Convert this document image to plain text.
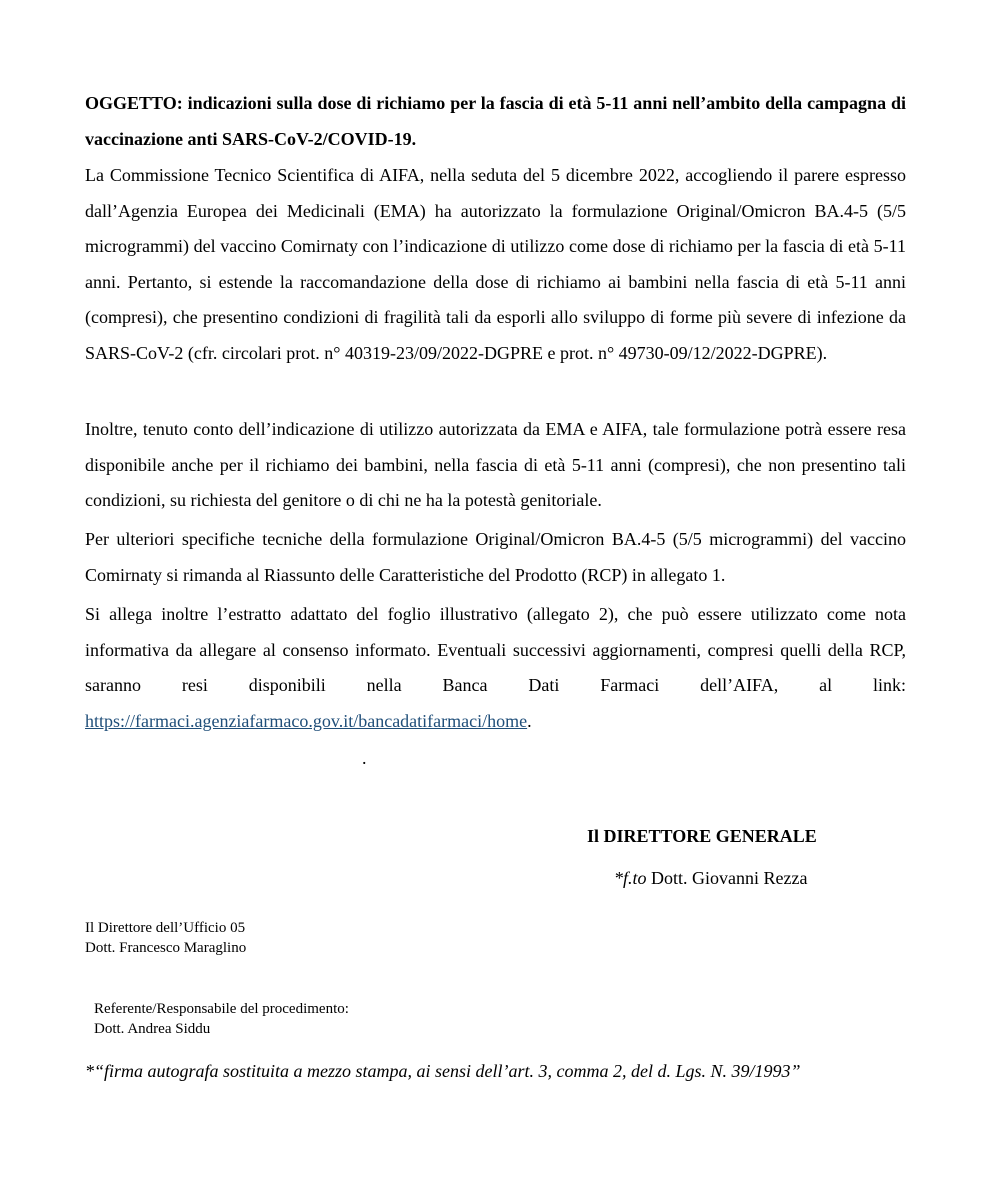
OGGETTO: indicazioni sulla dose di richiamo per la fascia di età 5-11 anni nell’ambito della campagna di vaccinazione anti SARS-CoV-2/COVID-19.

La Commissione Tecnico Scientifica di AIFA, nella seduta del 5 dicembre 2022, accogliendo il parere espresso dall’Agenzia Europea dei Medicinali (EMA) ha autorizzato la formulazione Original/Omicron BA.4-5 (5/5 microgrammi) del vaccino Comirnaty con l’indicazione di utilizzo come dose di richiamo per la fascia di età 5-11 anni. Pertanto, si estende la raccomandazione della dose di richiamo ai bambini nella fascia di età 5-11 anni (compresi), che presentino condizioni di fragilità tali da esporli allo sviluppo di forme più severe di infezione da SARS-CoV-2 (cfr. circolari prot. n° 40319-23/09/2022-DGPRE e prot. n° 49730-09/12/2022-DGPRE).

Inoltre, tenuto conto dell’indicazione di utilizzo autorizzata da EMA e AIFA, tale formulazione potrà essere resa disponibile anche per il richiamo dei bambini, nella fascia di età 5-11 anni (compresi), che non presentino tali condizioni, su richiesta del genitore o di chi ne ha la potestà genitoriale.

Per ulteriori specifiche tecniche della formulazione Original/Omicron BA.4-5 (5/5 microgrammi) del vaccino Comirnaty si rimanda al Riassunto delle Caratteristiche del Prodotto (RCP) in allegato 1.

Si allega inoltre l’estratto adattato del foglio illustrativo (allegato 2), che può essere utilizzato come nota informativa da allegare al consenso informato. Eventuali successivi aggiornamenti, compresi quelli della RCP, saranno resi disponibili nella Banca Dati Farmaci dell’AIFA, al link: https://farmaci.agenziafarmaco.gov.it/bancadatifarmaci/home.

.
Il DIRETTORE GENERALE
*f.to Dott. Giovanni Rezza
Il Direttore dell’Ufficio 05
Dott. Francesco Maraglino
Referente/Responsabile del procedimento:
Dott. Andrea Siddu
*“firma autografa sostituita a mezzo stampa, ai sensi dell’art. 3, comma 2, del d. Lgs. N. 39/1993”
